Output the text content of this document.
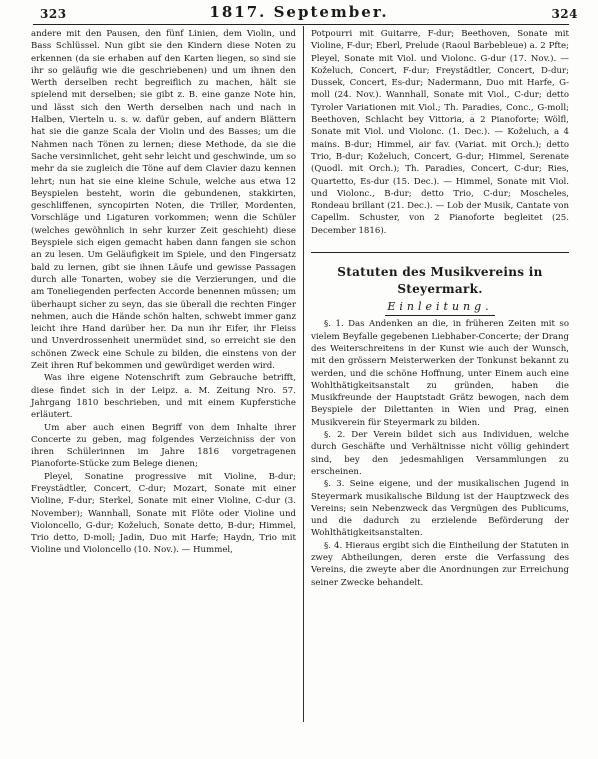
323	1817. September.	324

andere mit den Pausen, den fünf Linien, dem Violin, und Bass Schlüssel. Nun gibt sie den Kindern diese Noten zu erkennen (da sie erhaben auf den Karten liegen, so sind sie ihr so geläufig wie die geschriebenen) und um ihnen den Werth derselben recht begreiflich zu machen, hält sie spielend mit derselben; sie gibt z. B. eine ganze Note hin, und lässt sich den Werth derselben nach und nach in Halben, Vierteln u. s. w. dafür geben, auf andern Blättern hat sie die ganze Scala der Violin und des Basses; um die Nahmen nach Tönen zu lernen; diese Methode, da sie die Sache versinnlichet, geht sehr leicht und geschwinde, um so mehr da sie zugleich die Töne auf dem Clavier dazu kennen lehrt; nun hat sie eine kleine Schule, welche aus etwa 12 Beyspielen besteht, worin die gebundenen, stakkirten, geschliffenen, syncopirten Noten, die Triller, Mordenten, Vorschläge und Ligaturen vorkommen; wenn die Schüler (welches gewöhnlich in sehr kurzer Zeit geschieht) diese Beyspiele sich eigen gemacht haben dann fangen sie schon an zu lesen. Um Geläufigkeit im Spiele, und den Fingersatz bald zu lernen, gibt sie ihnen Läufe und gewisse Passagen durch alle Tonarten, wobey sie die Verzierungen, und die am Toneliegenden perfecten Accorde benennen müssen; um überhaupt sicher zu seyn, das sie überall die rechten Finger nehmen, auch die Hände schön halten, schwebt immer ganz leicht ihre Hand darüber her. Da nun ihr Eifer, ihr Fleiss und Unverdrossenheit unermüdet sind, so erreicht sie den schönen Zweck eine Schule zu bilden, die einstens von der Zeit ihren Ruf bekommen und gewürdiget werden wird.

Was ihre eigene Notenschrift zum Gebrauche betrifft, diese findet sich in der Leipz. a. M. Zeitung Nro. 57. Jahrgang 1810 beschrieben, und mit einem Kupferstiche erläutert.

Um aber auch einen Begriff von dem Inhalte ihrer Concerte zu geben, mag folgendes Verzeichniss der von ihren Schülerinnen im Jahre 1816 vorgetragenen Pianoforte-Stücke zum Belege dienen;

Pleyel, Sonatine progressive mit Violine, B-dur; Freystädtler, Concert, C-dur; Mozart, Sonate mit einer Violine, F-dur; Sterkel, Sonate mit einer Violine, C-dur (3. November); Wannhall, Sonate mit Flöte oder Violine und Violoncello, G-dur; Koželuch, Sonate detto, B-dur; Himmel, Trio detto, D-moll; Jadin, Duo mit Harfe; Haydn, Trio mit Violine und Violoncello (10. Nov.). — Hummel,

Potpourri mit Guitarre, F-dur; Beethoven, Sonate mit Violine, F-dur; Eberl, Prelude (Raoul Barbebleue) a. 2 Pfte; Pleyel, Sonate mit Viol. und Violonc. G-dur (17. Nov.). — Koželuch, Concert, F-dur; Freystädtler, Concert, D-dur; Dussek, Concert, Es-dur; Nadermann, Duo mit Harfe, G-moll (24. Nov.). Wannhall, Sonate mit Viol., C-dur; detto Tyroler Variationen mit Viol.; Th. Paradies, Conc., G-moll; Beethoven, Schlacht bey Vittoria, a 2 Pianoforte; Wölfl, Sonate mit Viol. und Violonc. (1. Dec.). — Koželuch, a 4 mains. B-dur; Himmel, air fav. (Variat. mit Orch.); detto Trio, B-dur; Koželuch, Concert, G-dur; Himmel, Serenate (Quodl. mit Orch.); Th. Paradies, Concert, C-dur; Ries, Quartetto, Es-dur (15. Dec.). — Himmel, Sonate mit Viol. und Violonc., B-dur; detto Trio, C-dur; Moscheles, Rondeau brillant (21. Dec.). — Lob der Musik, Cantate von Capellm. Schuster, von 2 Pianoforte begleitet (25. December 1816).

Statuten des Musikvereins in Steyermark.
Einleitung.

§. 1. Das Andenken an die, in früheren Zeiten mit so vielem Beyfalle gegebenen Liebhaber-Concerte; der Drang des Weiterschreitens in der Kunst wie auch der Wunsch, mit den grössern Meisterwerken der Tonkunst bekannt zu werden, und die schöne Hoffnung, unter Einem auch eine Wohlthätigkeitsanstalt zu gründen, haben die Musikfreunde der Hauptstadt Grätz bewogen, nach dem Beyspiele der Dilettanten in Wien und Prag, einen Musikverein für Steyermark zu bilden.

§. 2. Der Verein bildet sich aus Individuen, welche durch Geschäfte und Verhältnisse nicht völlig gehindert sind, bey den jedesmahligen Versammlungen zu erscheinen.

§. 3. Seine eigene, und der musikalischen Jugend in Steyermark musikalische Bildung ist der Hauptzweck des Vereins; sein Nebenzweck das Vergnügen des Publicums, und die dadurch zu erzielende Beförderung der Wohlthätigkeitsanstalten.

§. 4. Hieraus ergibt sich die Eintheilung der Statuten in zwey Abtheilungen, deren erste die Verfassung des Vereins, die zweyte aber die Anordnungen zur Erreichung seiner Zwecke behandelt.
